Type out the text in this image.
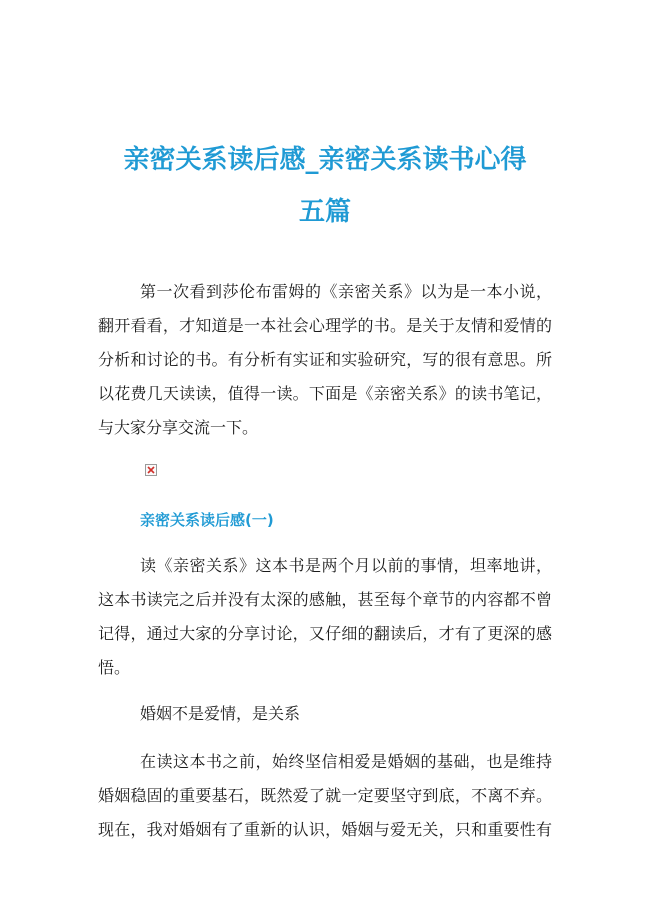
亲密关系读后感_亲密关系读书心得
五篇
第一次看到莎伦布雷姆的《亲密关系》以为是一本小说，
翻开看看，才知道是一本社会心理学的书。是关于友情和爱情的
分析和讨论的书。有分析有实证和实验研究，写的很有意思。所
以花费几天读读，值得一读。下面是《亲密关系》的读书笔记，
与大家分享交流一下。
亲密关系读后感(一)
读《亲密关系》这本书是两个月以前的事情，坦率地讲，
这本书读完之后并没有太深的感触，甚至每个章节的内容都不曾
记得，通过大家的分享讨论，又仔细的翻读后，才有了更深的感
悟。
婚姻不是爱情，是关系
在读这本书之前，始终坚信相爱是婚姻的基础，也是维持
婚姻稳固的重要基石，既然爱了就一定要坚守到底，不离不弃。
现在，我对婚姻有了重新的认识，婚姻与爱无关，只和重要性有
